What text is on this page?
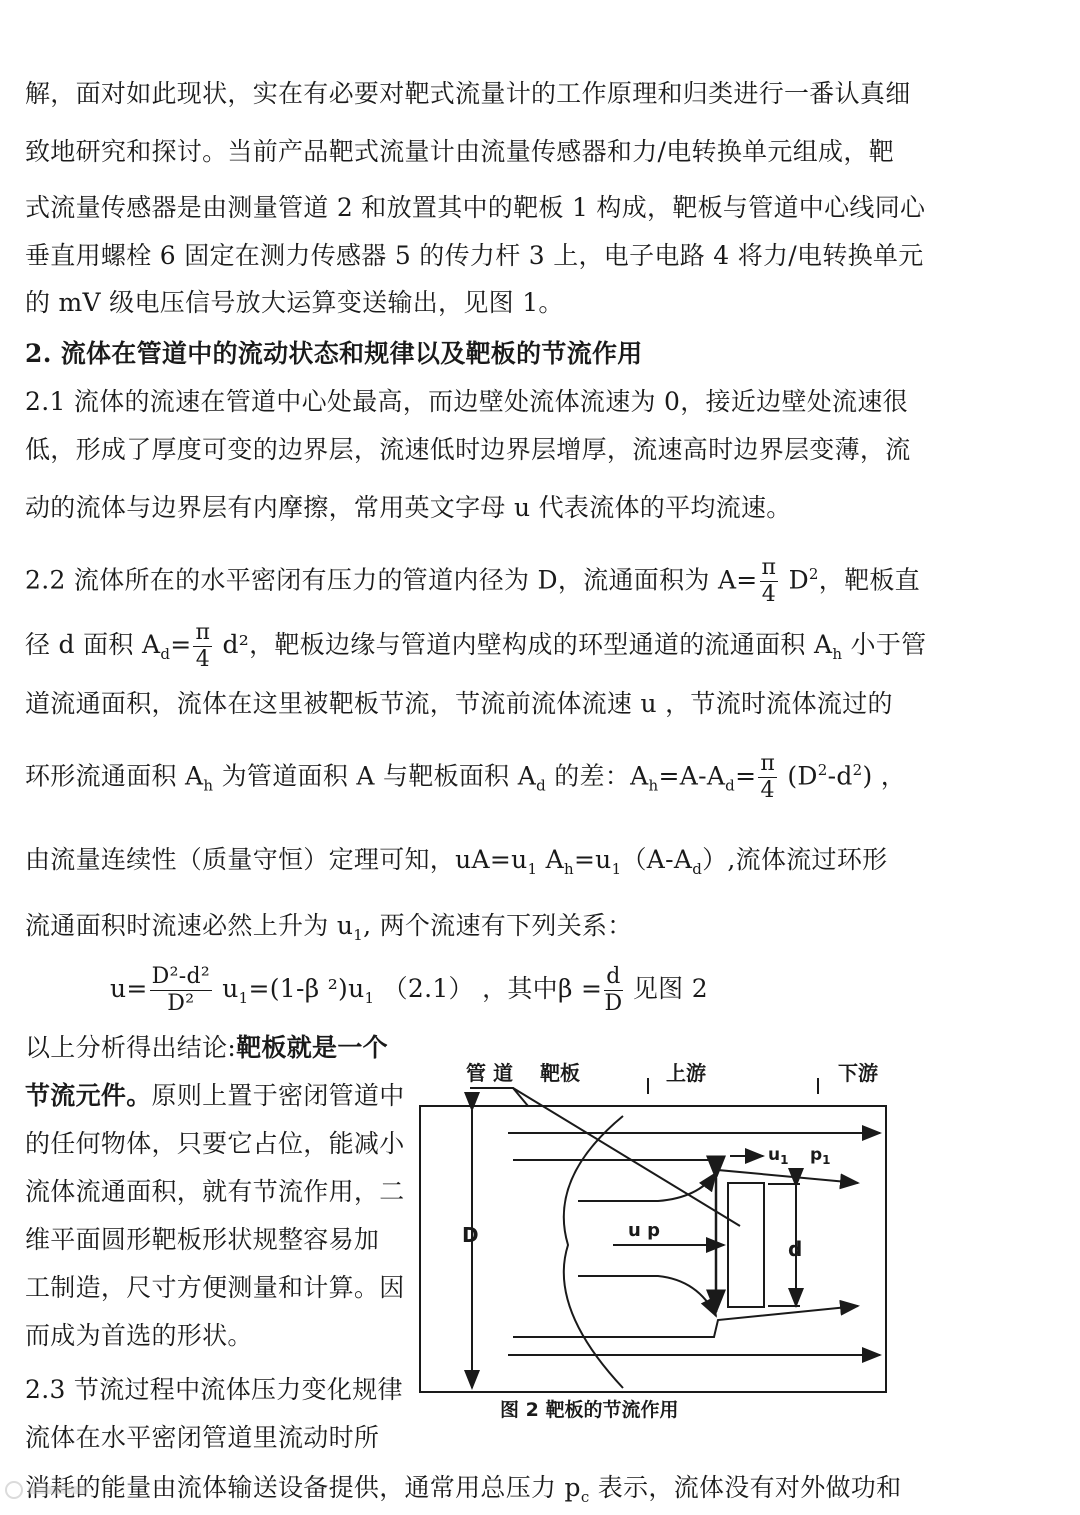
解，面对如此现状，实在有必要对靶式流量计的工作原理和归类进行一番认真细
致地研究和探讨。当前产品靶式流量计由流量传感器和力/电转换单元组成，靶
式流量传感器是由测量管道 2 和放置其中的靶板 1 构成，靶板与管道中心线同心
垂直用螺栓 6 固定在测力传感器 5 的传力杆 3 上，电子电路 4 将力/电转换单元
的 mV 级电压信号放大运算变送输出，见图 1。
2. 流体在管道中的流动状态和规律以及靶板的节流作用
2.1 流体的流速在管道中心处最高，而边壁处流体流速为 0，接近边壁处流速很
低，形成了厚度可变的边界层，流速低时边界层增厚，流速高时边界层变薄，流
动的流体与边界层有内摩擦，常用英文字母 u 代表流体的平均流速。
2.2 流体所在的水平密闭有压力的管道内径为 D，流通面积为 $A= \frac{\pi}{4} D^2$，靶板直
径 d 面积 $A_d= \frac{\pi}{4} d^2$，靶板边缘与管道内壁构成的环型通道的流通面积 $A_h$ 小于管
道流通面积，流体在这里被靶板节流，节流前流体流速 u ，节流时流体流过的
环形流通面积 $A_h$ 为管道面积 A 与靶板面积 $A_d$ 的差：$A_h=A-A_d= \frac{\pi}{4} (D^2-d^2)$ ，
由流量连续性（质量守恒）定理可知，$uA=u_1$ $A_h=u_1(A-A_d)$,流体流过环形
流通面积时流速必然上升为 $u_1$, 两个流速有下列关系：
$u= \frac{\text{D²-d²}}{\text{D²}} u_1=(1-\beta$ $^2)u_1$ （2.1） ，其中$\beta = \frac{d}{D}$ 见图 2
以上分析得出结论:靶板就是一个
节流元件。原则上置于密闭管道中
的任何物体，只要它占位，能减小
流体流通面积，就有节流作用，二
维平面圆形靶板形状规整容易加
工制造，尺寸方便测量和计算。因
而成为首选的形状。
2.3 节流过程中流体压力变化规律
流体在水平密闭管道里流动时所
消耗的能量由流体输送设备提供，通常用总压力 $p_c$ 表示，流体没有对外做功和
管 道 靶板	上游	下游
D
d
u p
$u_1$ $p_1$
图 2 靶板的节流作用
